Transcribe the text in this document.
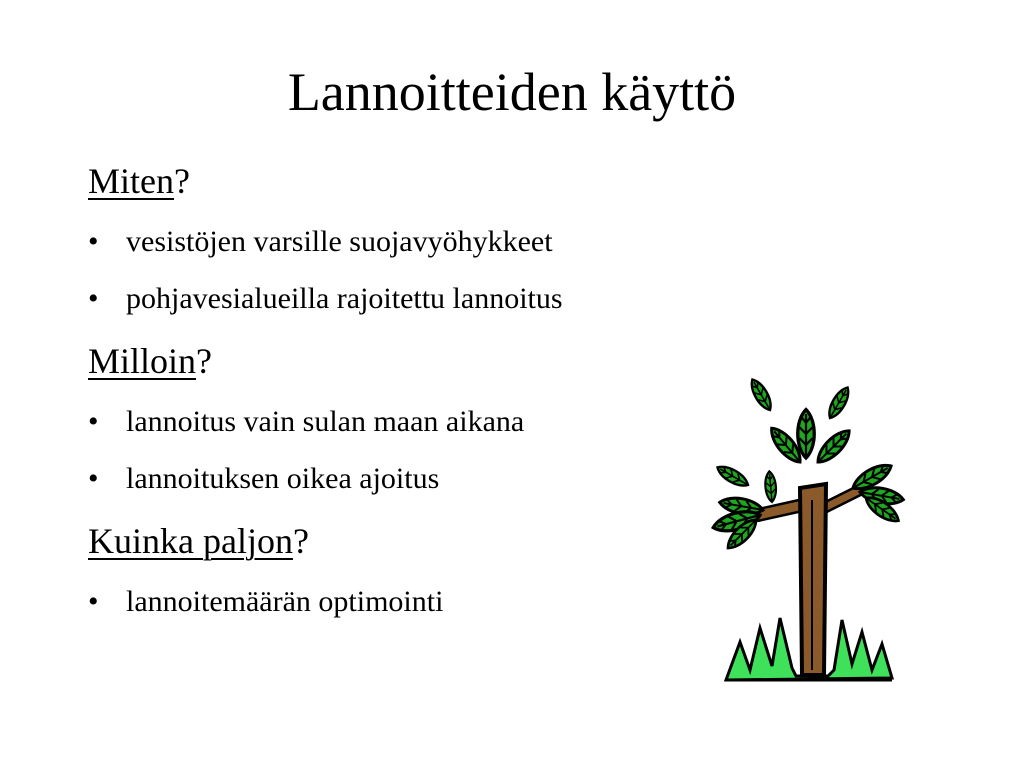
Lannoitteiden käyttö
Miten?
• vesistöjen varsille suojavyöhykkeet
• pohjavesialueilla rajoitettu lannoitus
Milloin?
• lannoitus vain sulan maan aikana
• lannoituksen oikea ajoitus
Kuinka paljon?
• lannoitemäärän optimointi
